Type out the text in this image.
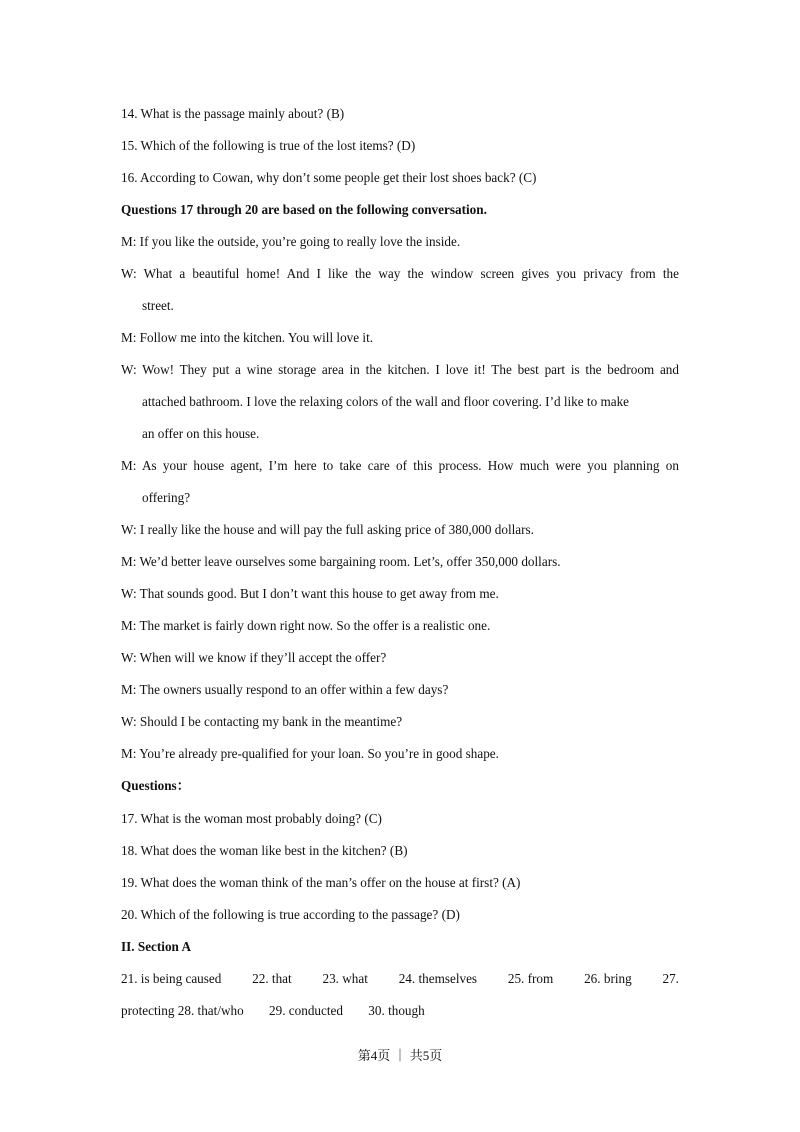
14. What is the passage mainly about? (B)
15. Which of the following is true of the lost items? (D)
16. According to Cowan, why don’t some people get their lost shoes back? (C)
Questions 17 through 20 are based on the following conversation.
M: If you like the outside, you’re going to really love the inside.
W: What a beautiful home! And I like the way the window screen gives you privacy from the
street.
M: Follow me into the kitchen. You will love it.
W: Wow! They put a wine storage area in the kitchen. I love it! The best part is the bedroom and
attached bathroom. I love the relaxing colors of the wall and floor covering. I’d like to make
an offer on this house.
M: As your house agent, I’m here to take care of this process. How much were you planning on
offering?
W: I really like the house and will pay the full asking price of 380,000 dollars.
M: We’d better leave ourselves some bargaining room. Let’s, offer 350,000 dollars.
W: That sounds good. But I don’t want this house to get away from me.
M: The market is fairly down right now. So the offer is a realistic one.
W: When will we know if they’ll accept the offer?
M: The owners usually respond to an offer within a few days?
W: Should I be contacting my bank in the meantime?
M: You’re already pre-qualified for your loan. So you’re in good shape.
Questions：
17. What is the woman most probably doing? (C)
18. What does the woman like best in the kitchen? (B)
19. What does the woman think of the man’s offer on the house at first? (A)
20. Which of the following is true according to the passage? (D)
II. Section A
21. is being caused 22. that 23. what 24. themselves 25. from 26. bring 27.
protecting 28. that/who 29. conducted 30. though
第4页 ｜ 共5页
